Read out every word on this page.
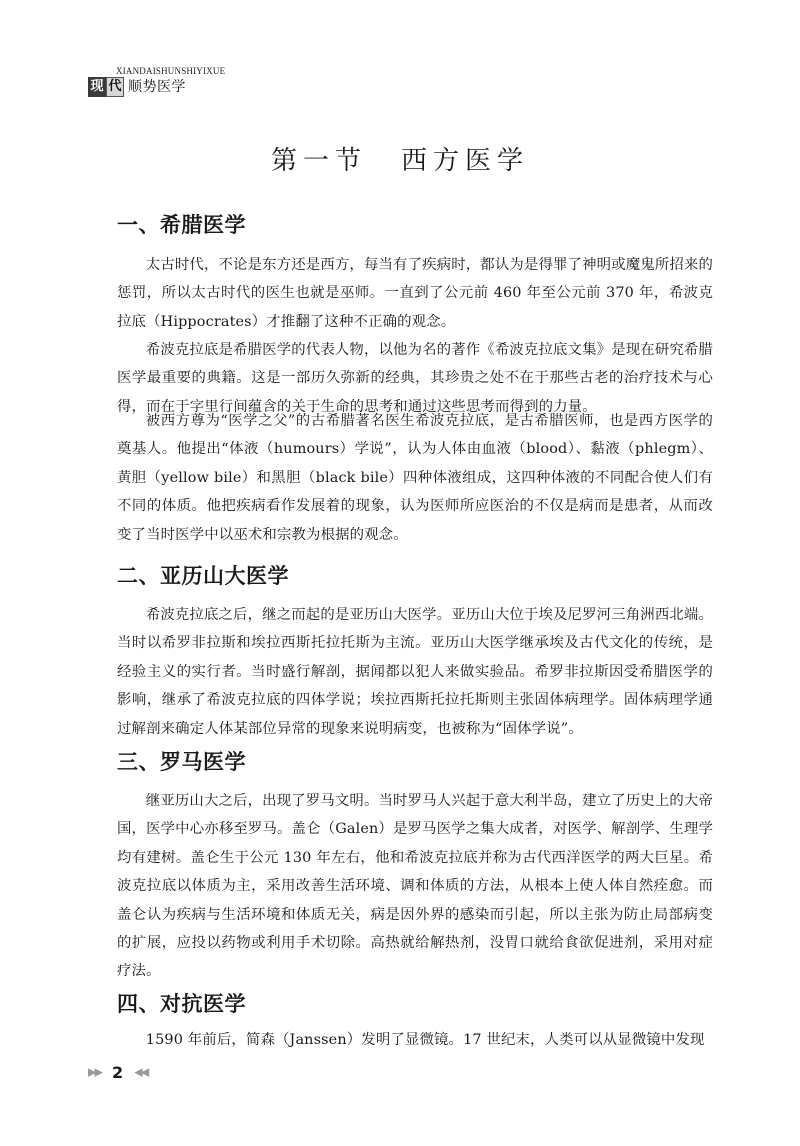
XIANDAISHUNSHIYIXUE
现 代 顺势医学
第一节 西方医学
一、希腊医学

太古时代，不论是东方还是西方，每当有了疾病时，都认为是得罪了神明或魔鬼所招来的惩罚，所以太古时代的医生也就是巫师。一直到了公元前 460 年至公元前 370 年，希波克拉底（Hippocrates）才推翻了这种不正确的观念。

希波克拉底是希腊医学的代表人物，以他为名的著作《希波克拉底文集》是现在研究希腊医学最重要的典籍。这是一部历久弥新的经典，其珍贵之处不在于那些古老的治疗技术与心得，而在于字里行间蕴含的关于生命的思考和通过这些思考而得到的力量。

被西方尊为“医学之父”的古希腊著名医生希波克拉底，是古希腊医师，也是西方医学的奠基人。他提出“体液（humours）学说”，认为人体由血液（blood）、黏液（phlegm）、黄胆（yellow bile）和黑胆（black bile）四种体液组成，这四种体液的不同配合使人们有不同的体质。他把疾病看作发展着的现象，认为医师所应医治的不仅是病而是患者，从而改变了当时医学中以巫术和宗教为根据的观念。

二、亚历山大医学

希波克拉底之后，继之而起的是亚历山大医学。亚历山大位于埃及尼罗河三角洲西北端。当时以希罗非拉斯和埃拉西斯托拉托斯为主流。亚历山大医学继承埃及古代文化的传统，是经验主义的实行者。当时盛行解剖，据闻都以犯人来做实验品。希罗非拉斯因受希腊医学的影响，继承了希波克拉底的四体学说；埃拉西斯托拉托斯则主张固体病理学。固体病理学通过解剖来确定人体某部位异常的现象来说明病变，也被称为“固体学说”。

三、罗马医学

继亚历山大之后，出现了罗马文明。当时罗马人兴起于意大利半岛，建立了历史上的大帝国，医学中心亦移至罗马。盖仑（Galen）是罗马医学之集大成者，对医学、解剖学、生理学均有建树。盖仑生于公元 130 年左右，他和希波克拉底并称为古代西洋医学的两大巨星。希波克拉底以体质为主，采用改善生活环境、调和体质的方法，从根本上使人体自然痊愈。而盖仑认为疾病与生活环境和体质无关，病是因外界的感染而引起，所以主张为防止局部病变的扩展，应投以药物或利用手术切除。高热就给解热剂，没胃口就给食欲促进剂，采用对症疗法。

四、对抗医学

1590 年前后，简森（Janssen）发明了显微镜。17 世纪末，人类可以从显微镜中发现

▶▶ 2 ◀◀
